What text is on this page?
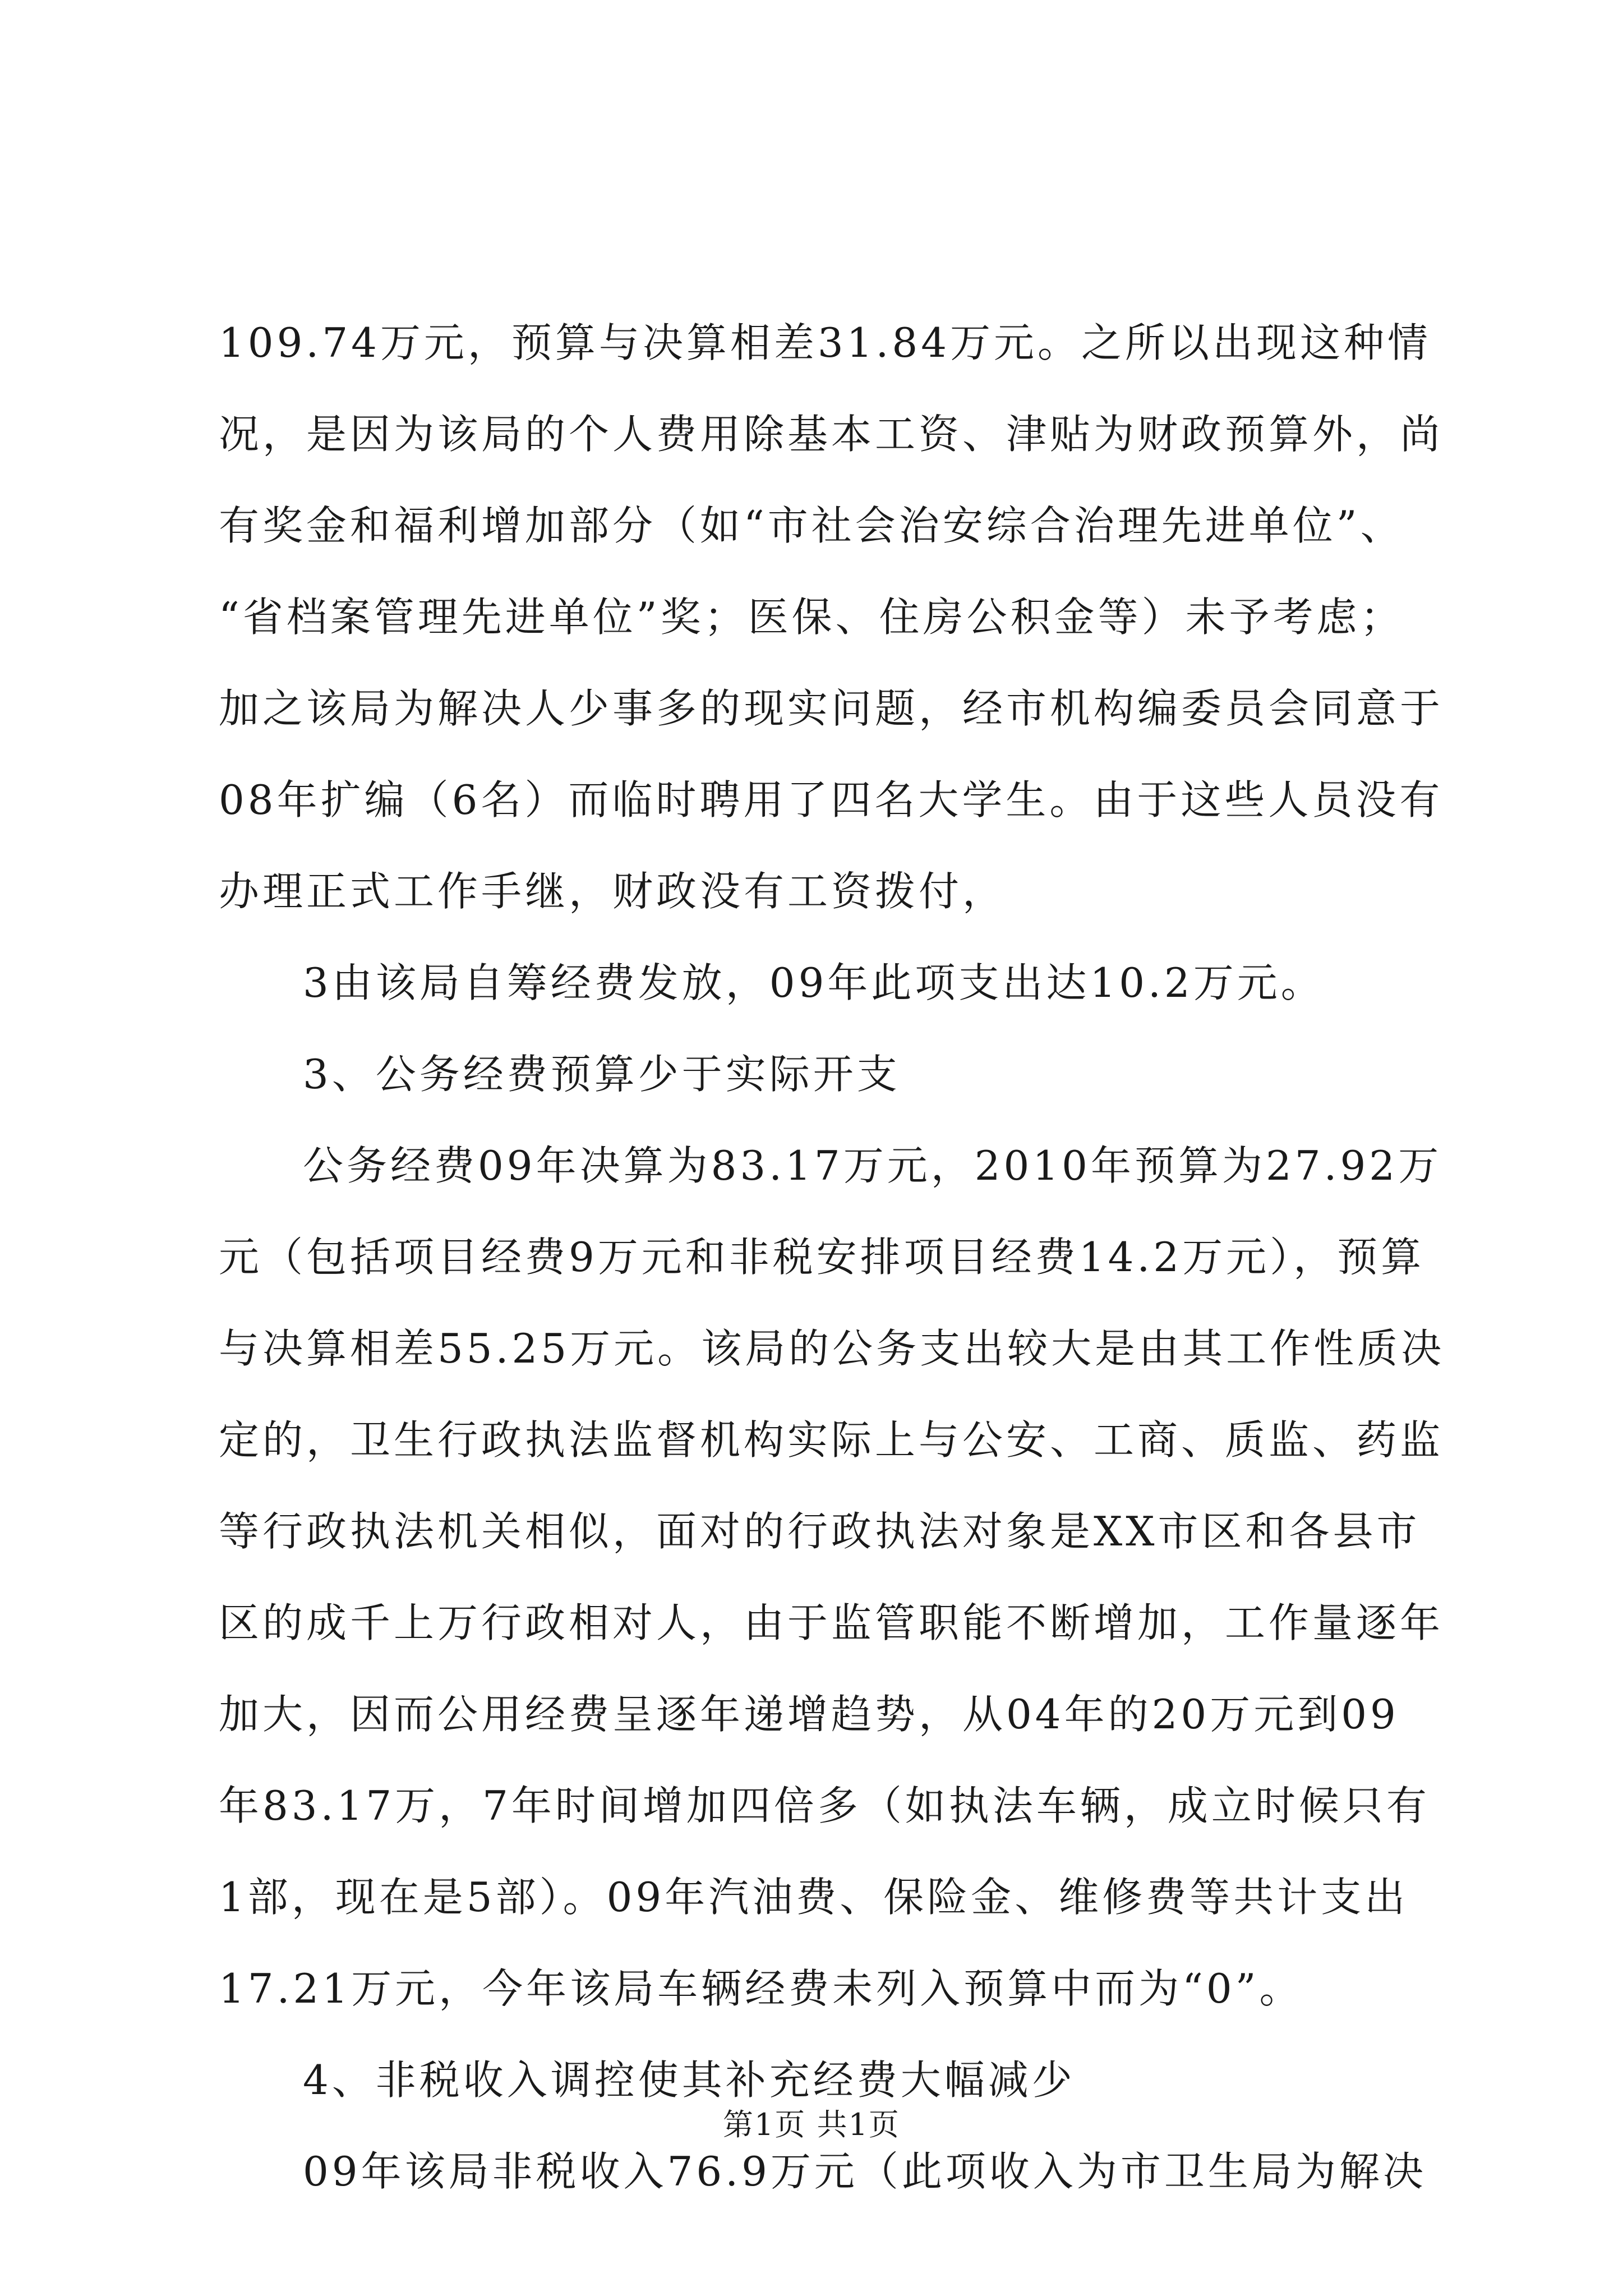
109.74万元，预算与决算相差31.84万元。之所以出现这种情
况，是因为该局的个人费用除基本工资、津贴为财政预算外，尚
有奖金和福利增加部分（如“市社会治安综合治理先进单位”、
“省档案管理先进单位”奖；医保、住房公积金等）未予考虑；
加之该局为解决人少事多的现实问题，经市机构编委员会同意于
08年扩编（6名）而临时聘用了四名大学生。由于这些人员没有
办理正式工作手继，财政没有工资拨付，
3由该局自筹经费发放，09年此项支出达10.2万元。
3、公务经费预算少于实际开支
公务经费09年决算为83.17万元，2010年预算为27.92万
元（包括项目经费9万元和非税安排项目经费14.2万元），预算
与决算相差55.25万元。该局的公务支出较大是由其工作性质决
定的，卫生行政执法监督机构实际上与公安、工商、质监、药监
等行政执法机关相似，面对的行政执法对象是XX市区和各县市
区的成千上万行政相对人，由于监管职能不断增加，工作量逐年
加大，因而公用经费呈逐年递增趋势，从04年的20万元到09
年83.17万，7年时间增加四倍多（如执法车辆，成立时候只有
1部，现在是5部）。09年汽油费、保险金、维修费等共计支出
17.21万元，今年该局车辆经费未列入预算中而为“0”。
4、非税收入调控使其补充经费大幅减少
09年该局非税收入76.9万元（此项收入为市卫生局为解决
第1页 共1页
